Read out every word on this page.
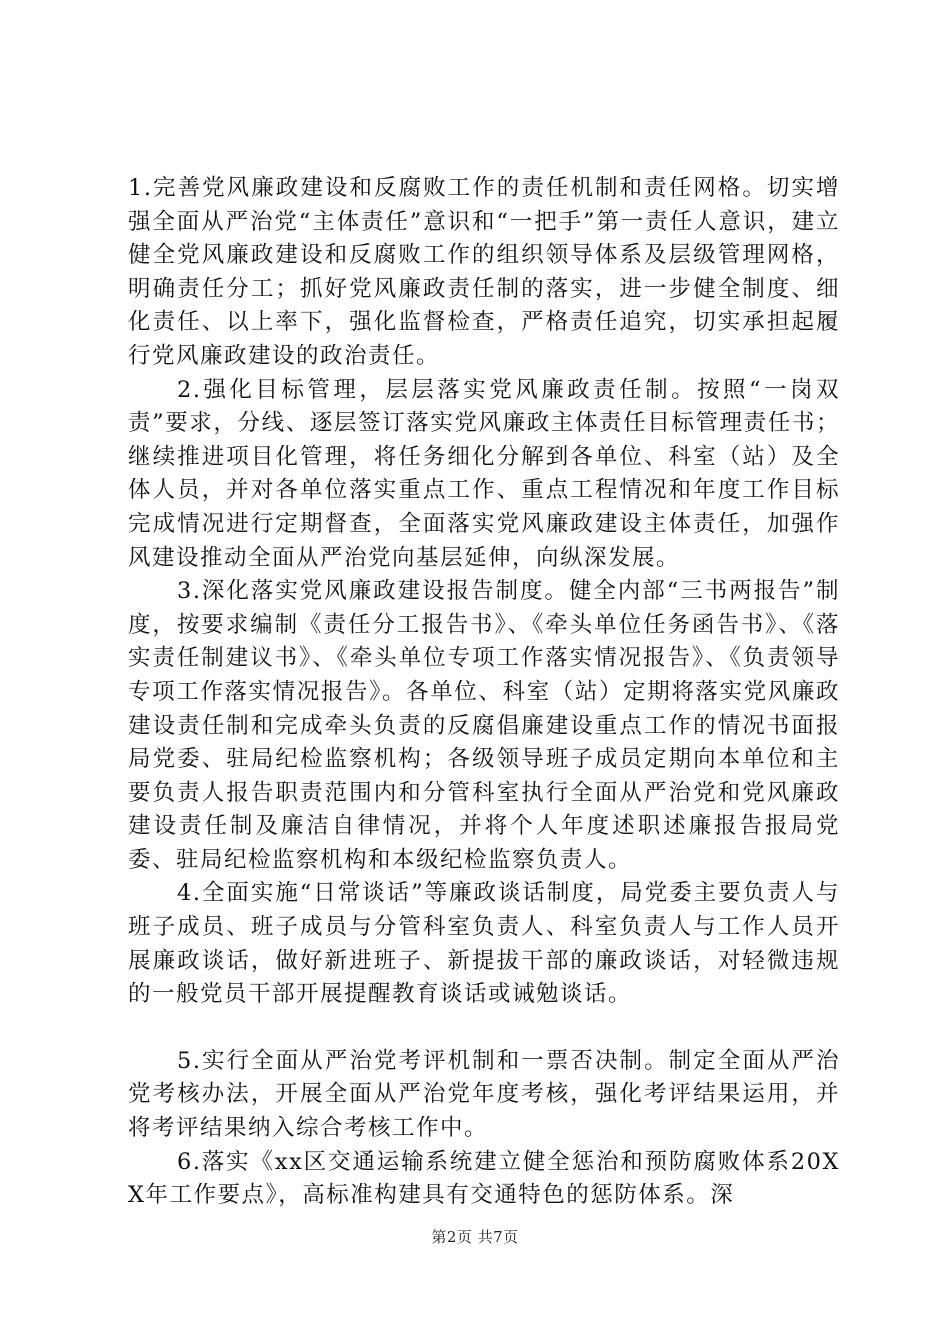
1.完善党风廉政建设和反腐败工作的责任机制和责任网格。切实增强全面从严治党“主体责任”意识和“一把手”第一责任人意识，建立健全党风廉政建设和反腐败工作的组织领导体系及层级管理网格，明确责任分工；抓好党风廉政责任制的落实，进一步健全制度、细化责任、以上率下，强化监督检查，严格责任追究，切实承担起履行党风廉政建设的政治责任。

2.强化目标管理，层层落实党风廉政责任制。按照“一岗双责”要求，分线、逐层签订落实党风廉政主体责任目标管理责任书；继续推进项目化管理，将任务细化分解到各单位、科室（站）及全体人员，并对各单位落实重点工作、重点工程情况和年度工作目标完成情况进行定期督查，全面落实党风廉政建设主体责任，加强作风建设推动全面从严治党向基层延伸，向纵深发展。

3.深化落实党风廉政建设报告制度。健全内部“三书两报告”制度，按要求编制《责任分工报告书》、《牵头单位任务函告书》、《落实责任制建议书》、《牵头单位专项工作落实情况报告》、《负责领导专项工作落实情况报告》。各单位、科室（站）定期将落实党风廉政建设责任制和完成牵头负责的反腐倡廉建设重点工作的情况书面报局党委、驻局纪检监察机构；各级领导班子成员定期向本单位和主要负责人报告职责范围内和分管科室执行全面从严治党和党风廉政建设责任制及廉洁自律情况，并将个人年度述职述廉报告报局党委、驻局纪检监察机构和本级纪检监察负责人。

4.全面实施“日常谈话”等廉政谈话制度，局党委主要负责人与班子成员、班子成员与分管科室负责人、科室负责人与工作人员开展廉政谈话，做好新进班子、新提拔干部的廉政谈话，对轻微违规的一般党员干部开展提醒教育谈话或诫勉谈话。

5.实行全面从严治党考评机制和一票否决制。制定全面从严治党考核办法，开展全面从严治党年度考核，强化考评结果运用，并将考评结果纳入综合考核工作中。

6.落实《xx区交通运输系统建立健全惩治和预防腐败体系20XX年工作要点》，高标准构建具有交通特色的惩防体系。深

第2页 共7页
